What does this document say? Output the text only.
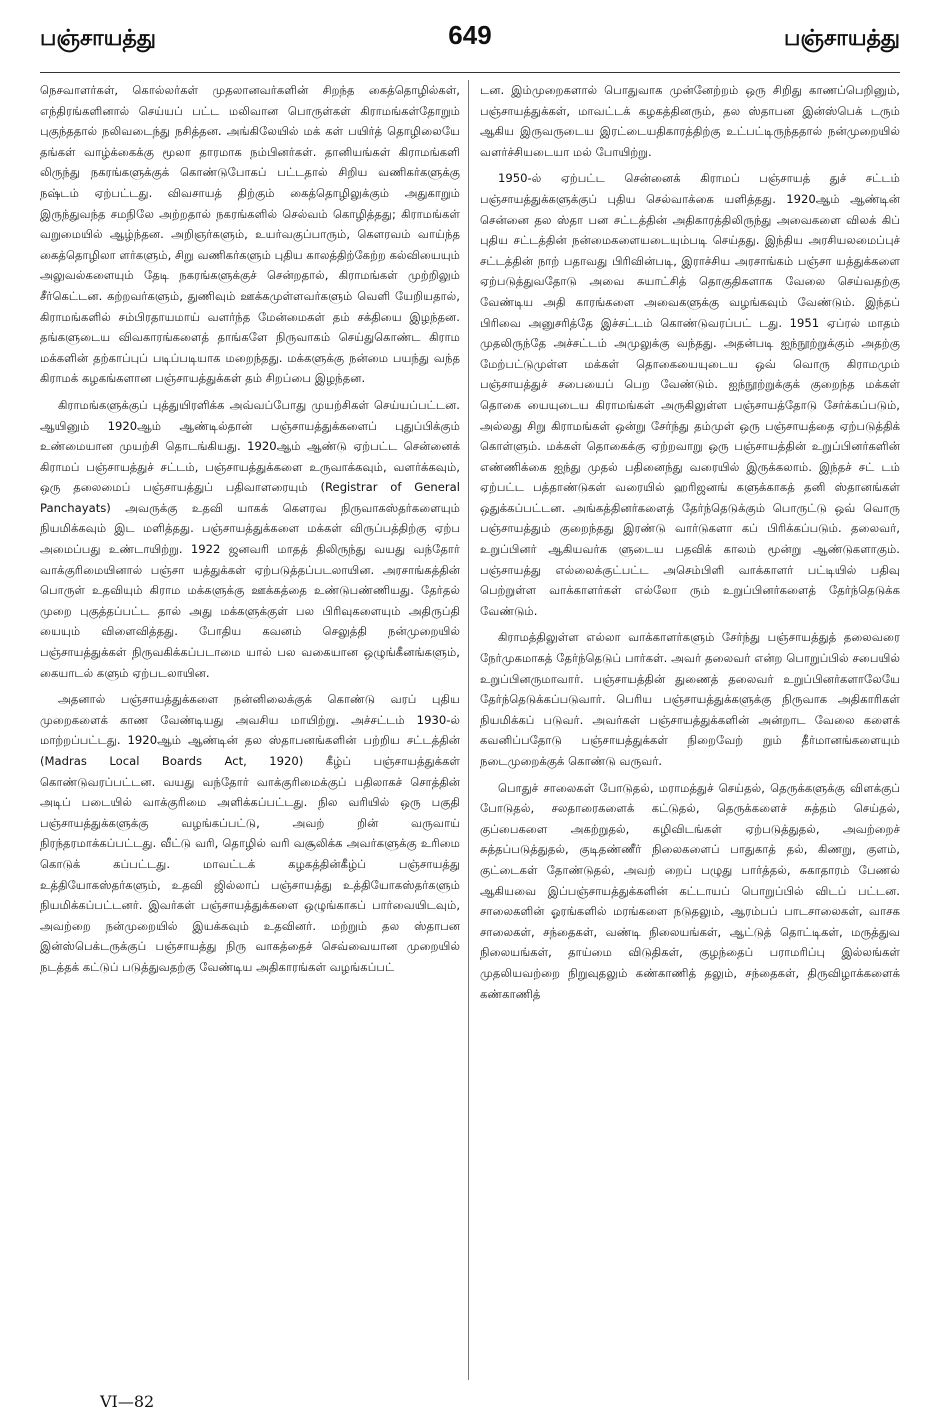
பஞ்சாயத்து	649	பஞ்சாயத்து

நெசவாளர்கள், கொல்லர்கள் முதலானவர்களின் சிறந்த கைத்தொழில்கள், எந்திரங்களினால் செய்யப் பட்ட மலிவான பொருள்கள் கிராமங்கள்தோறும் புகுந்ததால் நலிவடைந்து நசித்தன. அங்கிலேயில் மக் கள் பயிர்த் தொழிலையே தங்கள் வாழ்க்கைக்கு மூலா தாரமாக நம்பினர்கள். தானியங்கள் கிராமங்களி லிருந்து நகரங்களுக்குக் கொண்டுபோகப் பட்டதால் சிறிய வணிகர்களுக்கு நஷ்டம் ஏற்பட்டது. விவசாயத் திற்கும் கைத்தொழிலுக்கும் அதுகாறும் இருந்துவந்த சமநிலே அற்றதால் நகரங்களில் செல்வம் கொழித்தது; கிராமங்கள் வறுமையில் ஆழ்ந்தன. அறிஞர்களும், உயர்வகுப்பாரும், கௌரவம் வாய்ந்த கைத்தொழிலா ளர்களும், சிறு வணிகர்களும் புதிய காலத்திற்கேற்ற கல்வியையும் அலுவல்களையும் தேடி நகரங்களுக்குச் சென்றதால், கிராமங்கள் முற்றிலும் சீர்கெட்டன. கற்றவர்களும், துணிவும் ஊக்கமுள்ளவர்களும் வெளி யேறியதால், கிராமங்களில் சம்பிரதாயமாய் வளர்ந்த மேன்மைகள் தம் சக்தியை இழந்தன. தங்களுடைய விவகாரங்களைத் தாங்களே நிருவாகம் செய்துகொண்ட கிராம மக்களின் தற்காப்புப் படிப்படியாக மறைந்தது. மக்களுக்கு நன்மை பயந்து வந்த கிராமக் கழகங்களான பஞ்சாயத்துக்கள் தம் சிறப்பை இழந்தன.

கிராமங்களுக்குப் புத்துயிரளிக்க அவ்வப்போது முயற்சிகள் செய்யப்பட்டன. ஆயினும் 1920ஆம் ஆண்டில்தான் பஞ்சாயத்துக்களைப் புதுப்பிக்கும் உண்மையான முயற்சி தொடங்கியது. 1920ஆம் ஆண்டு ஏற்பட்ட சென்னைக் கிராமப் பஞ்சாயத்துச் சட்டம், பஞ்சாயத்துக்களை உருவாக்கவும், வளர்க்கவும், ஒரு தலைமைப் பஞ்சாயத்துப் பதிவாளரையும் (Registrar of General Panchayats) அவருக்கு உதவி யாகக் கௌரவ நிருவாகஸ்தர்களையும் நியமிக்கவும் இட மளித்தது. பஞ்சாயத்துக்களை மக்கள் விருப்பத்திற்கு ஏற்ப அமைப்பது உண்டாயிற்று. 1922 ஜனவரி மாதத் திலிருந்து வயது வந்தோர் வாக்குரிமையினால் பஞ்சா யத்துக்கள் ஏற்படுத்தப்படலாயின. அரசாங்கத்தின் பொருள் உதவியும் கிராம மக்களுக்கு ஊக்கத்தை உண்டுபண்ணியது. தேர்தல் முறை புகுத்தப்பட்ட தால் அது மக்களுக்குள் பல பிரிவுகளையும் அதிருப்தி யையும் விளைவித்தது. போதிய கவனம் செலுத்தி நன்முறையில் பஞ்சாயத்துக்கள் நிருவகிக்கப்படாமை யால் பல வகையான ஒழுங்கீனங்களும், கையாடல் களும் ஏற்படலாயின.

அதனால் பஞ்சாயத்துக்களை நன்னிலைக்குக் கொண்டு வரப் புதிய முறைகளைக் காண வேண்டியது அவசிய மாயிற்று. அச்சட்டம் 1930-ல் மாற்றப்பட்டது. 1920ஆம் ஆண்டின் தல ஸ்தாபனங்களின் பற்றிய சட்டத்தின் (Madras Local Boards Act, 1920) கீழ்ப் பஞ்சாயத்துக்கள் கொண்டுவரப்பட்டன. வயது வந்தோர் வாக்குரிமைக்குப் பதிலாகச் சொத்தின் அடிப் படையில் வாக்குரிமை அளிக்கப்பட்டது. நில வரியில் ஒரு பகுதி பஞ்சாயத்துக்களுக்கு வழங்கப்பட்டு, அவற் றின் வருவாய் நிரந்தரமாக்கப்பட்டது. வீட்டு வரி, தொழில் வரி வசூலிக்க அவர்களுக்கு உரிமை கொடுக் கப்பட்டது. மாவட்டக் கழகத்தின்கீழ்ப் பஞ்சாயத்து உத்தியோகஸ்தர்களும், உதவி ஜில்லாப் பஞ்சாயத்து உத்தியோகஸ்தர்களும் நியமிக்கப்பட்டனர். இவர்கள் பஞ்சாயத்துக்களை ஒழுங்காகப் பார்வையிடவும், அவற்றை நன்முறையில் இயக்கவும் உதவினர். மற்றும் தல ஸ்தாபன இன்ஸ்பெக்டருக்குப் பஞ்சாயத்து நிரு வாகத்தைச் செவ்வையான முறையில் நடத்தக் கட்டுப் படுத்துவதற்கு வேண்டிய அதிகாரங்கள் வழங்கப்பட்

டன. இம்முறைகளால் பொதுவாக முன்னேற்றம் ஒரு சிறிது காணப்பெறினும், பஞ்சாயத்துக்கள், மாவட்டக் கழகத்தினரும், தல ஸ்தாபன இன்ஸ்பெக் டரும் ஆகிய இருவருடைய இரட்டையதிகாரத்திற்கு உட்பட்டிருந்ததால் நன்முறையில் வளர்ச்சியடையா மல் போயிற்று.

1950-ல் ஏற்பட்ட சென்னைக் கிராமப் பஞ்சாயத் துச் சட்டம் பஞ்சாயத்துக்களுக்குப் புதிய செல்வாக்கை யளித்தது. 1920ஆம் ஆண்டின் சென்னை தல ஸ்தா பன சட்டத்தின் அதிகாரத்திலிருந்து அவைகளை விலக் கிப் புதிய சட்டத்தின் நன்மைகளையடையும்படி செய்தது. இந்திய அரசியலமைப்புச் சட்டத்தின் நாற் பதாவது பிரிவின்படி, இராச்சிய அரசாங்கம் பஞ்சா யத்துக்களை ஏற்படுத்துவதோடு அவை சுயாட்சித் தொகுதிகளாக வேலை செய்வதற்கு வேண்டிய அதி காரங்களை அவைகளுக்கு வழங்கவும் வேண்டும். இந்தப் பிரிவை அனுசரித்தே இச்சட்டம் கொண்டுவரப்பட் டது. 1951 ஏப்ரல் மாதம் முதலிருந்தே அச்சட்டம் அமுலுக்கு வந்தது. அதன்படி ஐந்நூற்றுக்கும் அதற்கு மேற்பட்டுமுள்ள மக்கள் தொகையையுடைய ஒவ் வொரு கிராமமும் பஞ்சாயத்துச் சபையைப் பெற வேண்டும். ஐந்நூற்றுக்குக் குறைந்த மக்கள் தொகை யையுடைய கிராமங்கள் அருகிலுள்ள பஞ்சாயத்தோடு சேர்க்கப்படும், அல்லது சிறு கிராமங்கள் ஒன்று சேர்ந்து தம்முள் ஒரு பஞ்சாயத்தை ஏற்படுத்திக் கொள்ளும். மக்கள் தொகைக்கு ஏற்றவாறு ஒரு பஞ்சாயத்தின் உறுப்பினர்களின் எண்ணிக்கை ஐந்து முதல் பதினைந்து வரையில் இருக்கலாம். இந்தச் சட் டம் ஏற்பட்ட பத்தாண்டுகள் வரையில் ஹரிஜனங் களுக்காகத் தனி ஸ்தானங்கள் ஒதுக்கப்பட்டன. அங்கத்தினர்களைத் தேர்ந்தெடுக்கும் பொருட்டு ஒவ் வொரு பஞ்சாயத்தும் குறைந்தது இரண்டு வார்டுகளா கப் பிரிக்கப்படும். தலைவர், உறுப்பினர் ஆகியவர்க ளுடைய பதவிக் காலம் மூன்று ஆண்டுகளாகும். பஞ்சாயத்து எல்லைக்குட்பட்ட அசெம்பிளி வாக்காளர் பட்டியில் பதிவு பெற்றுள்ள வாக்காளர்கள் எல்லோ ரும் உறுப்பினர்களைத் தேர்ந்தெடுக்க வேண்டும்.

கிராமத்திலுள்ள எல்லா வாக்காளர்களும் சேர்ந்து பஞ்சாயத்துத் தலைவரை நேர்முகமாகத் தேர்ந்தெடுப் பார்கள். அவர் தலைவர் என்ற பொறுப்பில் சபையில் உறுப்பினருமாவார். பஞ்சாயத்தின் துணைத் தலைவர் உறுப்பினர்களாலேயே தேர்ந்தெடுக்கப்படுவார். பெரிய பஞ்சாயத்துக்களுக்கு நிருவாக அதிகாரிகள் நியமிக்கப் படுவர். அவர்கள் பஞ்சாயத்துக்களின் அன்றாட வேலை களைக் கவனிப்பதோடு பஞ்சாயத்துக்கள் நிறைவேற் றும் தீர்மானங்களையும் நடைமுறைக்குக் கொண்டு வருவர்.

பொதுச் சாலைகள் போடுதல், மராமத்துச் செய்தல், தெருக்களுக்கு விளக்குப் போடுதல், சலதாரைகளைக் கட்டுதல், தெருக்களைச் சுத்தம் செய்தல், குப்பைகளை அகற்றுதல், கழிவிடங்கள் ஏற்படுத்துதல், அவற்றைச் சுத்தப்படுத்துதல், குடிதண்ணீர் நிலைகளைப் பாதுகாத் தல், கிணறு, குளம், குட்டைகள் தோண்டுதல், அவற் றைப் பழுது பார்த்தல், சுகாதாரம் பேணல் ஆகியவை இப்பஞ்சாயத்துக்களின் கட்டாயப் பொறுப்பில் விடப் பட்டன. சாலைகளின் ஓரங்களில் மரங்களை நடுதலும், ஆரம்பப் பாடசாலைகள், வாசக சாலைகள், சந்தைகள், வண்டி நிலையங்கள், ஆட்டுத் தொட்டிகள், மருத்துவ நிலையங்கள், தாய்மை விடுதிகள், குழந்தைப் பராமரிப்பு இல்லங்கள் முதலியவற்றை நிறுவுதலும் கண்காணித் தலும், சந்தைகள், திருவிழாக்களைக் கண்காணித்

VI—82
